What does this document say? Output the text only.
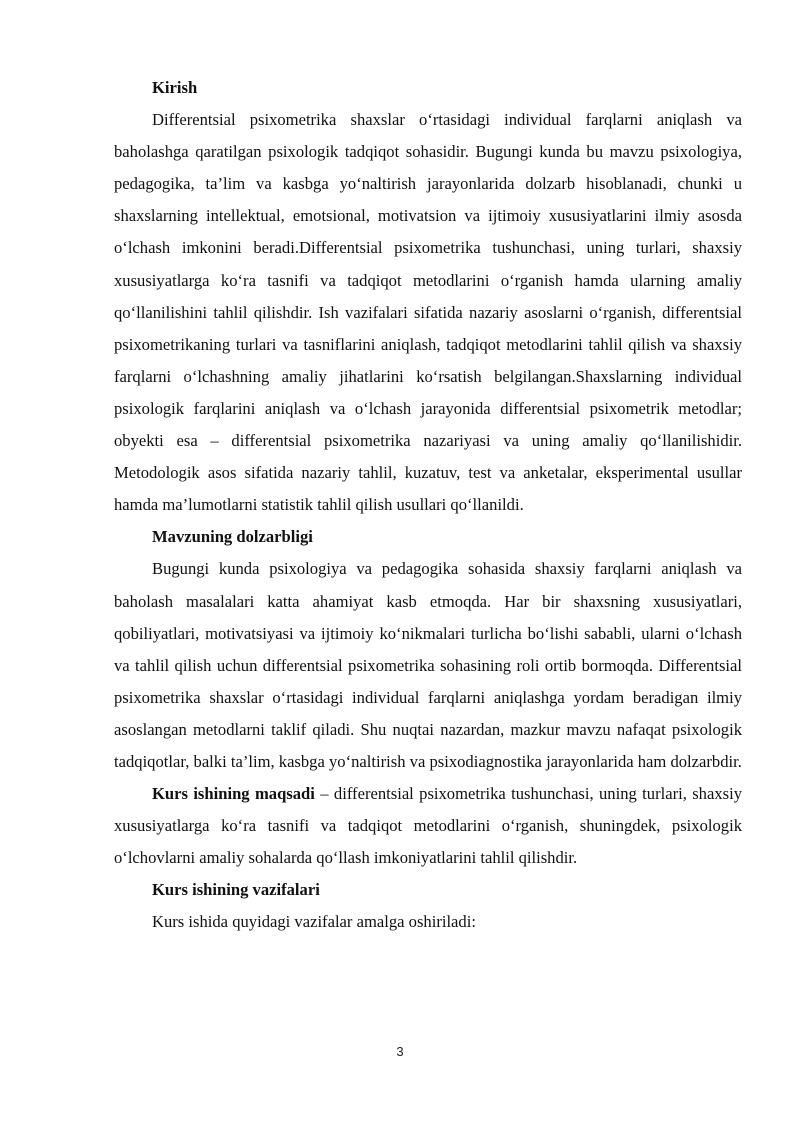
Kirish

Differentsial psixometrika shaxslar o‘rtasidagi individual farqlarni aniqlash va baholashga qaratilgan psixologik tadqiqot sohasidir. Bugungi kunda bu mavzu psixologiya, pedagogika, ta’lim va kasbga yo‘naltirish jarayonlarida dolzarb hisoblanadi, chunki u shaxslarning intellektual, emotsional, motivatsion va ijtimoiy xususiyatlarini ilmiy asosda o‘lchash imkonini beradi.Differentsial psixometrika tushunchasi, uning turlari, shaxsiy xususiyatlarga ko‘ra tasnifi va tadqiqot metodlarini o‘rganish hamda ularning amaliy qo‘llanilishini tahlil qilishdir. Ish vazifalari sifatida nazariy asoslarni o‘rganish, differentsial psixometrikaning turlari va tasniflarini aniqlash, tadqiqot metodlarini tahlil qilish va shaxsiy farqlarni o‘lchashning amaliy jihatlarini ko‘rsatish belgilangan.Shaxslarning individual psixologik farqlarini aniqlash va o‘lchash jarayonida differentsial psixometrik metodlar; obyekti esa – differentsial psixometrika nazariyasi va uning amaliy qo‘llanilishidir. Metodologik asos sifatida nazariy tahlil, kuzatuv, test va anketalar, eksperimental usullar hamda ma’lumotlarni statistik tahlil qilish usullari qo‘llanildi.

Mavzuning dolzarbligi

Bugungi kunda psixologiya va pedagogika sohasida shaxsiy farqlarni aniqlash va baholash masalalari katta ahamiyat kasb etmoqda. Har bir shaxsning xususiyatlari, qobiliyatlari, motivatsiyasi va ijtimoiy ko‘nikmalari turlicha bo‘lishi sababli, ularni o‘lchash va tahlil qilish uchun differentsial psixometrika sohasining roli ortib bormoqda. Differentsial psixometrika shaxslar o‘rtasidagi individual farqlarni aniqlashga yordam beradigan ilmiy asoslangan metodlarni taklif qiladi. Shu nuqtai nazardan, mazkur mavzu nafaqat psixologik tadqiqotlar, balki ta’lim, kasbga yo‘naltirish va psixodiagnostika jarayonlarida ham dolzarbdir.

Kurs ishining maqsadi – differentsial psixometrika tushunchasi, uning turlari, shaxsiy xususiyatlarga ko‘ra tasnifi va tadqiqot metodlarini o‘rganish, shuningdek, psixologik o‘lchovlarni amaliy sohalarda qo‘llash imkoniyatlarini tahlil qilishdir.

Kurs ishining vazifalari

Kurs ishida quyidagi vazifalar amalga oshiriladi:

3
